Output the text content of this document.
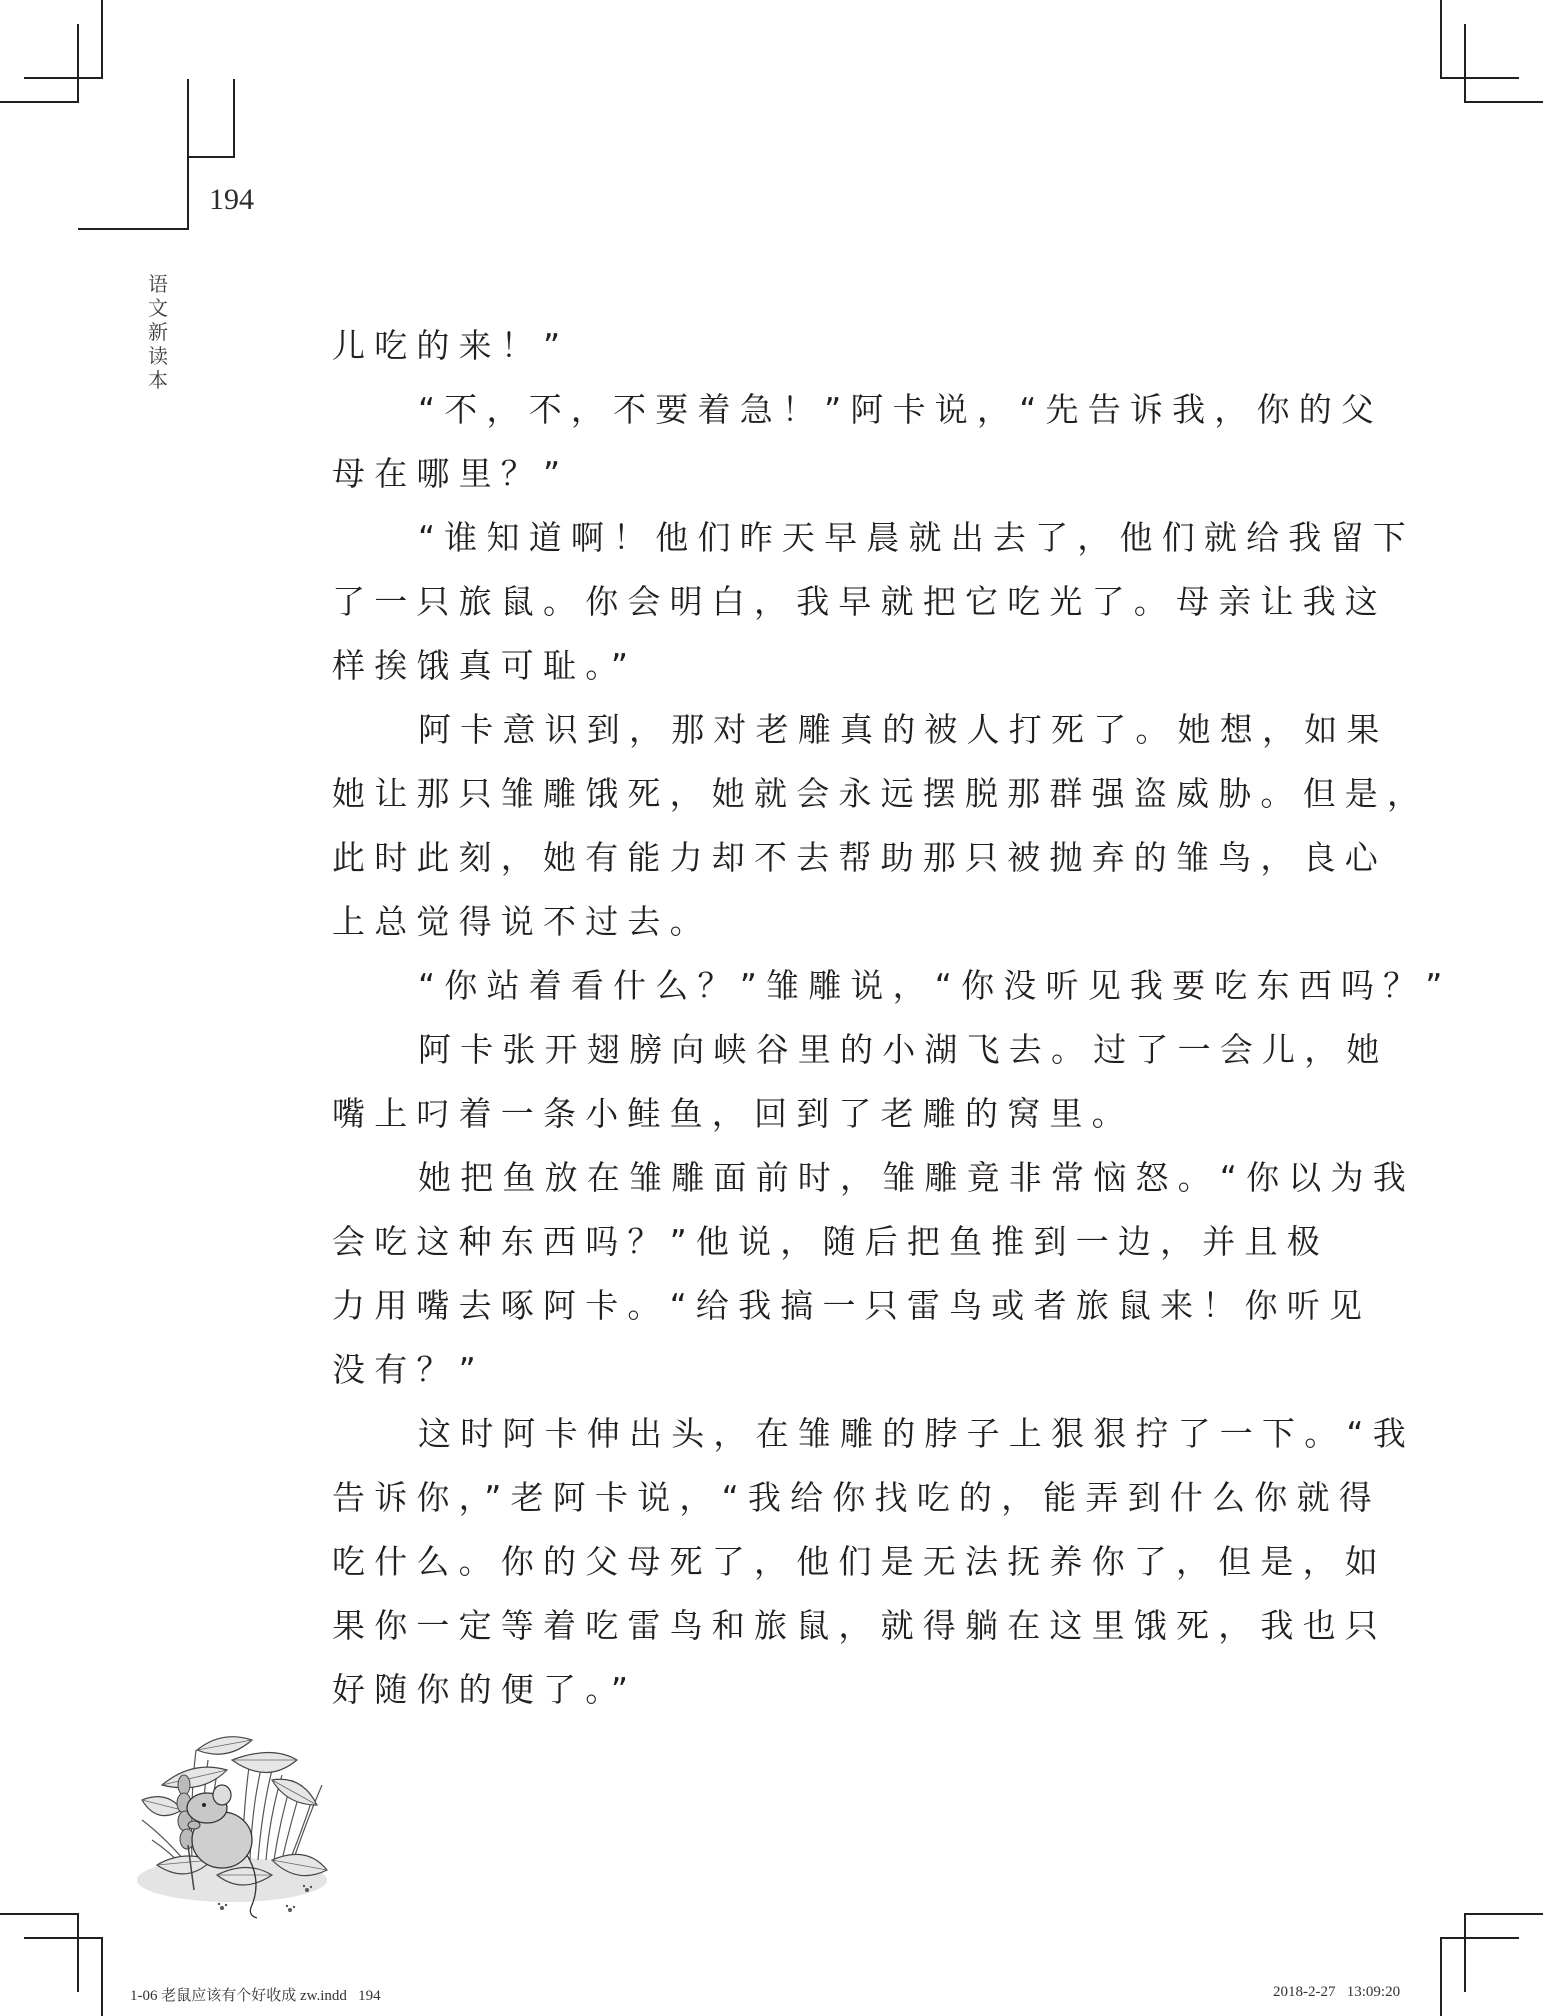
194
语
文
新
读
本
儿吃的来！”
“不，不，不要着急！”阿卡说，“先告诉我，你的父
母在哪里？”
“谁知道啊！他们昨天早晨就出去了，他们就给我留下
了一只旅鼠。你会明白，我早就把它吃光了。母亲让我这
样挨饿真可耻。”
阿卡意识到，那对老雕真的被人打死了。她想，如果
她让那只雏雕饿死，她就会永远摆脱那群强盗威胁。但是，
此时此刻，她有能力却不去帮助那只被抛弃的雏鸟，良心
上总觉得说不过去。
“你站着看什么？”雏雕说，“你没听见我要吃东西吗？”
阿卡张开翅膀向峡谷里的小湖飞去。过了一会儿，她
嘴上叼着一条小鲑鱼，回到了老雕的窝里。
她把鱼放在雏雕面前时，雏雕竟非常恼怒。“你以为我
会吃这种东西吗？”他说，随后把鱼推到一边，并且极
力用嘴去啄阿卡。“给我搞一只雷鸟或者旅鼠来！你听见
没有？”
这时阿卡伸出头，在雏雕的脖子上狠狠拧了一下。“我
告诉你，”老阿卡说，“我给你找吃的，能弄到什么你就得
吃什么。你的父母死了，他们是无法抚养你了，但是，如
果你一定等着吃雷鸟和旅鼠，就得躺在这里饿死，我也只
好随你的便了。”
1-06 老鼠应该有个好收成 zw.indd   194	2018-2-27   13:09:20
